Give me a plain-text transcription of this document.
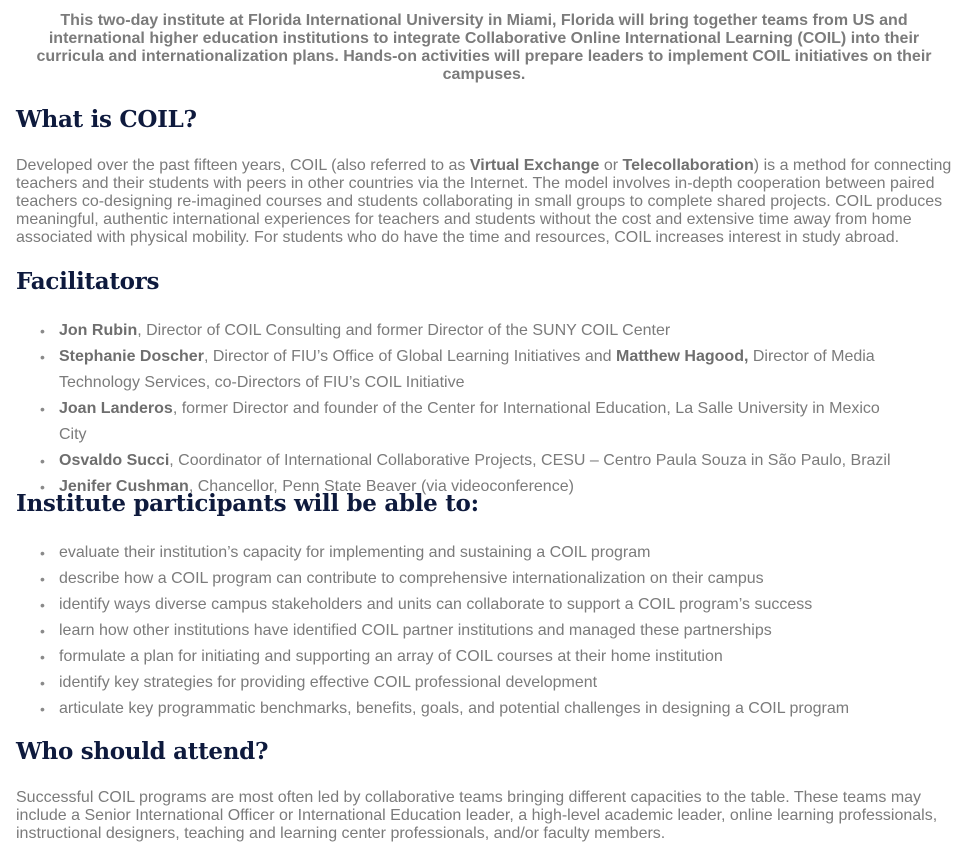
This two-day institute at Florida International University in Miami, Florida will bring together teams from US and international higher education institutions to integrate Collaborative Online International Learning (COIL) into their curricula and internationalization plans. Hands-on activities will prepare leaders to implement COIL initiatives on their campuses.
What is COIL?
Developed over the past fifteen years, COIL (also referred to as Virtual Exchange or Telecollaboration) is a method for connecting teachers and their students with peers in other countries via the Internet. The model involves in-depth cooperation between paired teachers co-designing re-imagined courses and students collaborating in small groups to complete shared projects. COIL produces meaningful, authentic international experiences for teachers and students without the cost and extensive time away from home associated with physical mobility. For students who do have the time and resources, COIL increases interest in study abroad.
Facilitators
• Jon Rubin, Director of COIL Consulting and former Director of the SUNY COIL Center
• Stephanie Doscher, Director of FIU’s Office of Global Learning Initiatives and Matthew Hagood, Director of Media Technology Services, co-Directors of FIU’s COIL Initiative
• Joan Landeros, former Director and founder of the Center for International Education, La Salle University in Mexico City
• Osvaldo Succi, Coordinator of International Collaborative Projects, CESU – Centro Paula Souza in São Paulo, Brazil
• Jenifer Cushman, Chancellor, Penn State Beaver (via videoconference)
Institute participants will be able to:
• evaluate their institution’s capacity for implementing and sustaining a COIL program
• describe how a COIL program can contribute to comprehensive internationalization on their campus
• identify ways diverse campus stakeholders and units can collaborate to support a COIL program’s success
• learn how other institutions have identified COIL partner institutions and managed these partnerships
• formulate a plan for initiating and supporting an array of COIL courses at their home institution
• identify key strategies for providing effective COIL professional development
• articulate key programmatic benchmarks, benefits, goals, and potential challenges in designing a COIL program
Who should attend?
Successful COIL programs are most often led by collaborative teams bringing different capacities to the table. These teams may include a Senior International Officer or International Education leader, a high-level academic leader, online learning professionals, instructional designers, teaching and learning center professionals, and/or faculty members.
